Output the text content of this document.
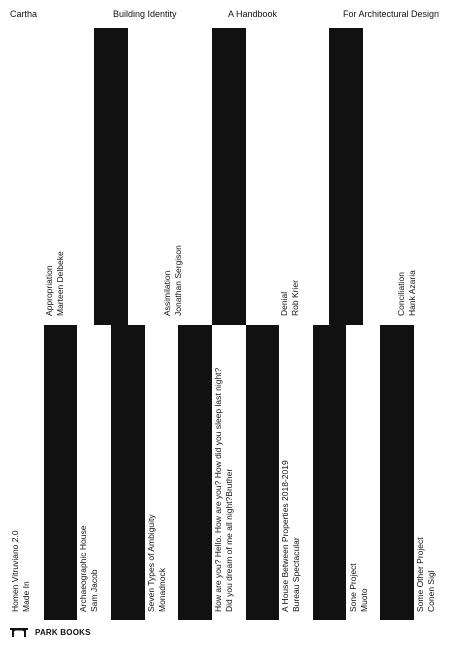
Cartha	Building Identity	A Handbook	For Architectural Design
Appropriation Marteen Delbeke	Assimilation Jonathan Sergison	Denial Rob Krier	Conciliation Hank Azaria
Homen Vitruviano 2.0 Made In	Archaeographic House Sam Jacob	Seven Types of Ambiguity Monadnock	How are you? Hello. How are you? How did you sleep last night? Did you dream of me all night?Bruther	A House Between Properties 2018-2019 Bureau Spectacular	Sone Project Muoto	Some Other Project Conen Sigl
PARK BOOKS
